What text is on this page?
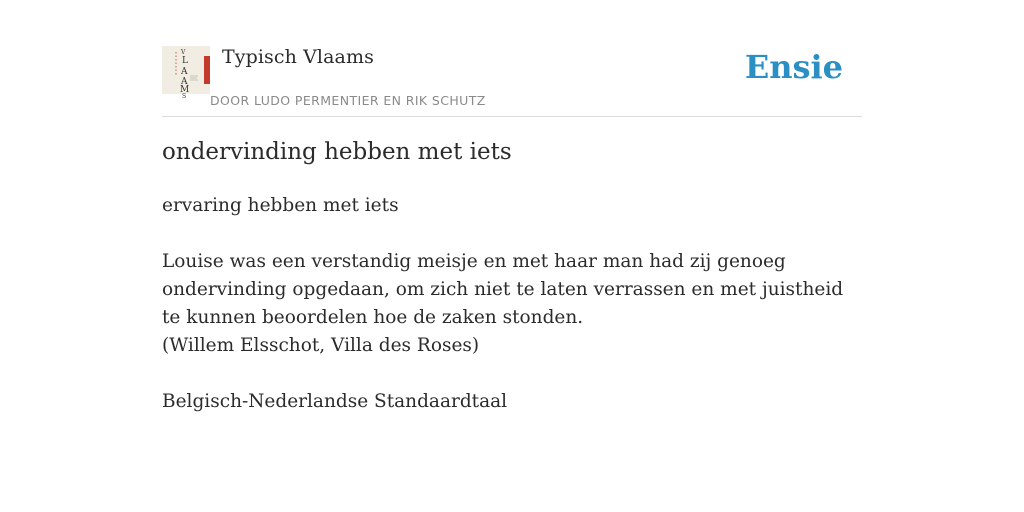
V
L
A
A
M
S
Typisch Vlaams
DOOR LUDO PERMENTIER EN RIK SCHUTZ
Ensie
ondervinding hebben met iets

ervaring hebben met iets

Louise was een verstandig meisje en met haar man had zij genoeg ondervinding opgedaan, om zich niet te laten verrassen en met juistheid te kunnen beoordelen hoe de zaken stonden.

(Willem Elsschot, Villa des Roses)

Belgisch-Nederlandse Standaardtaal
